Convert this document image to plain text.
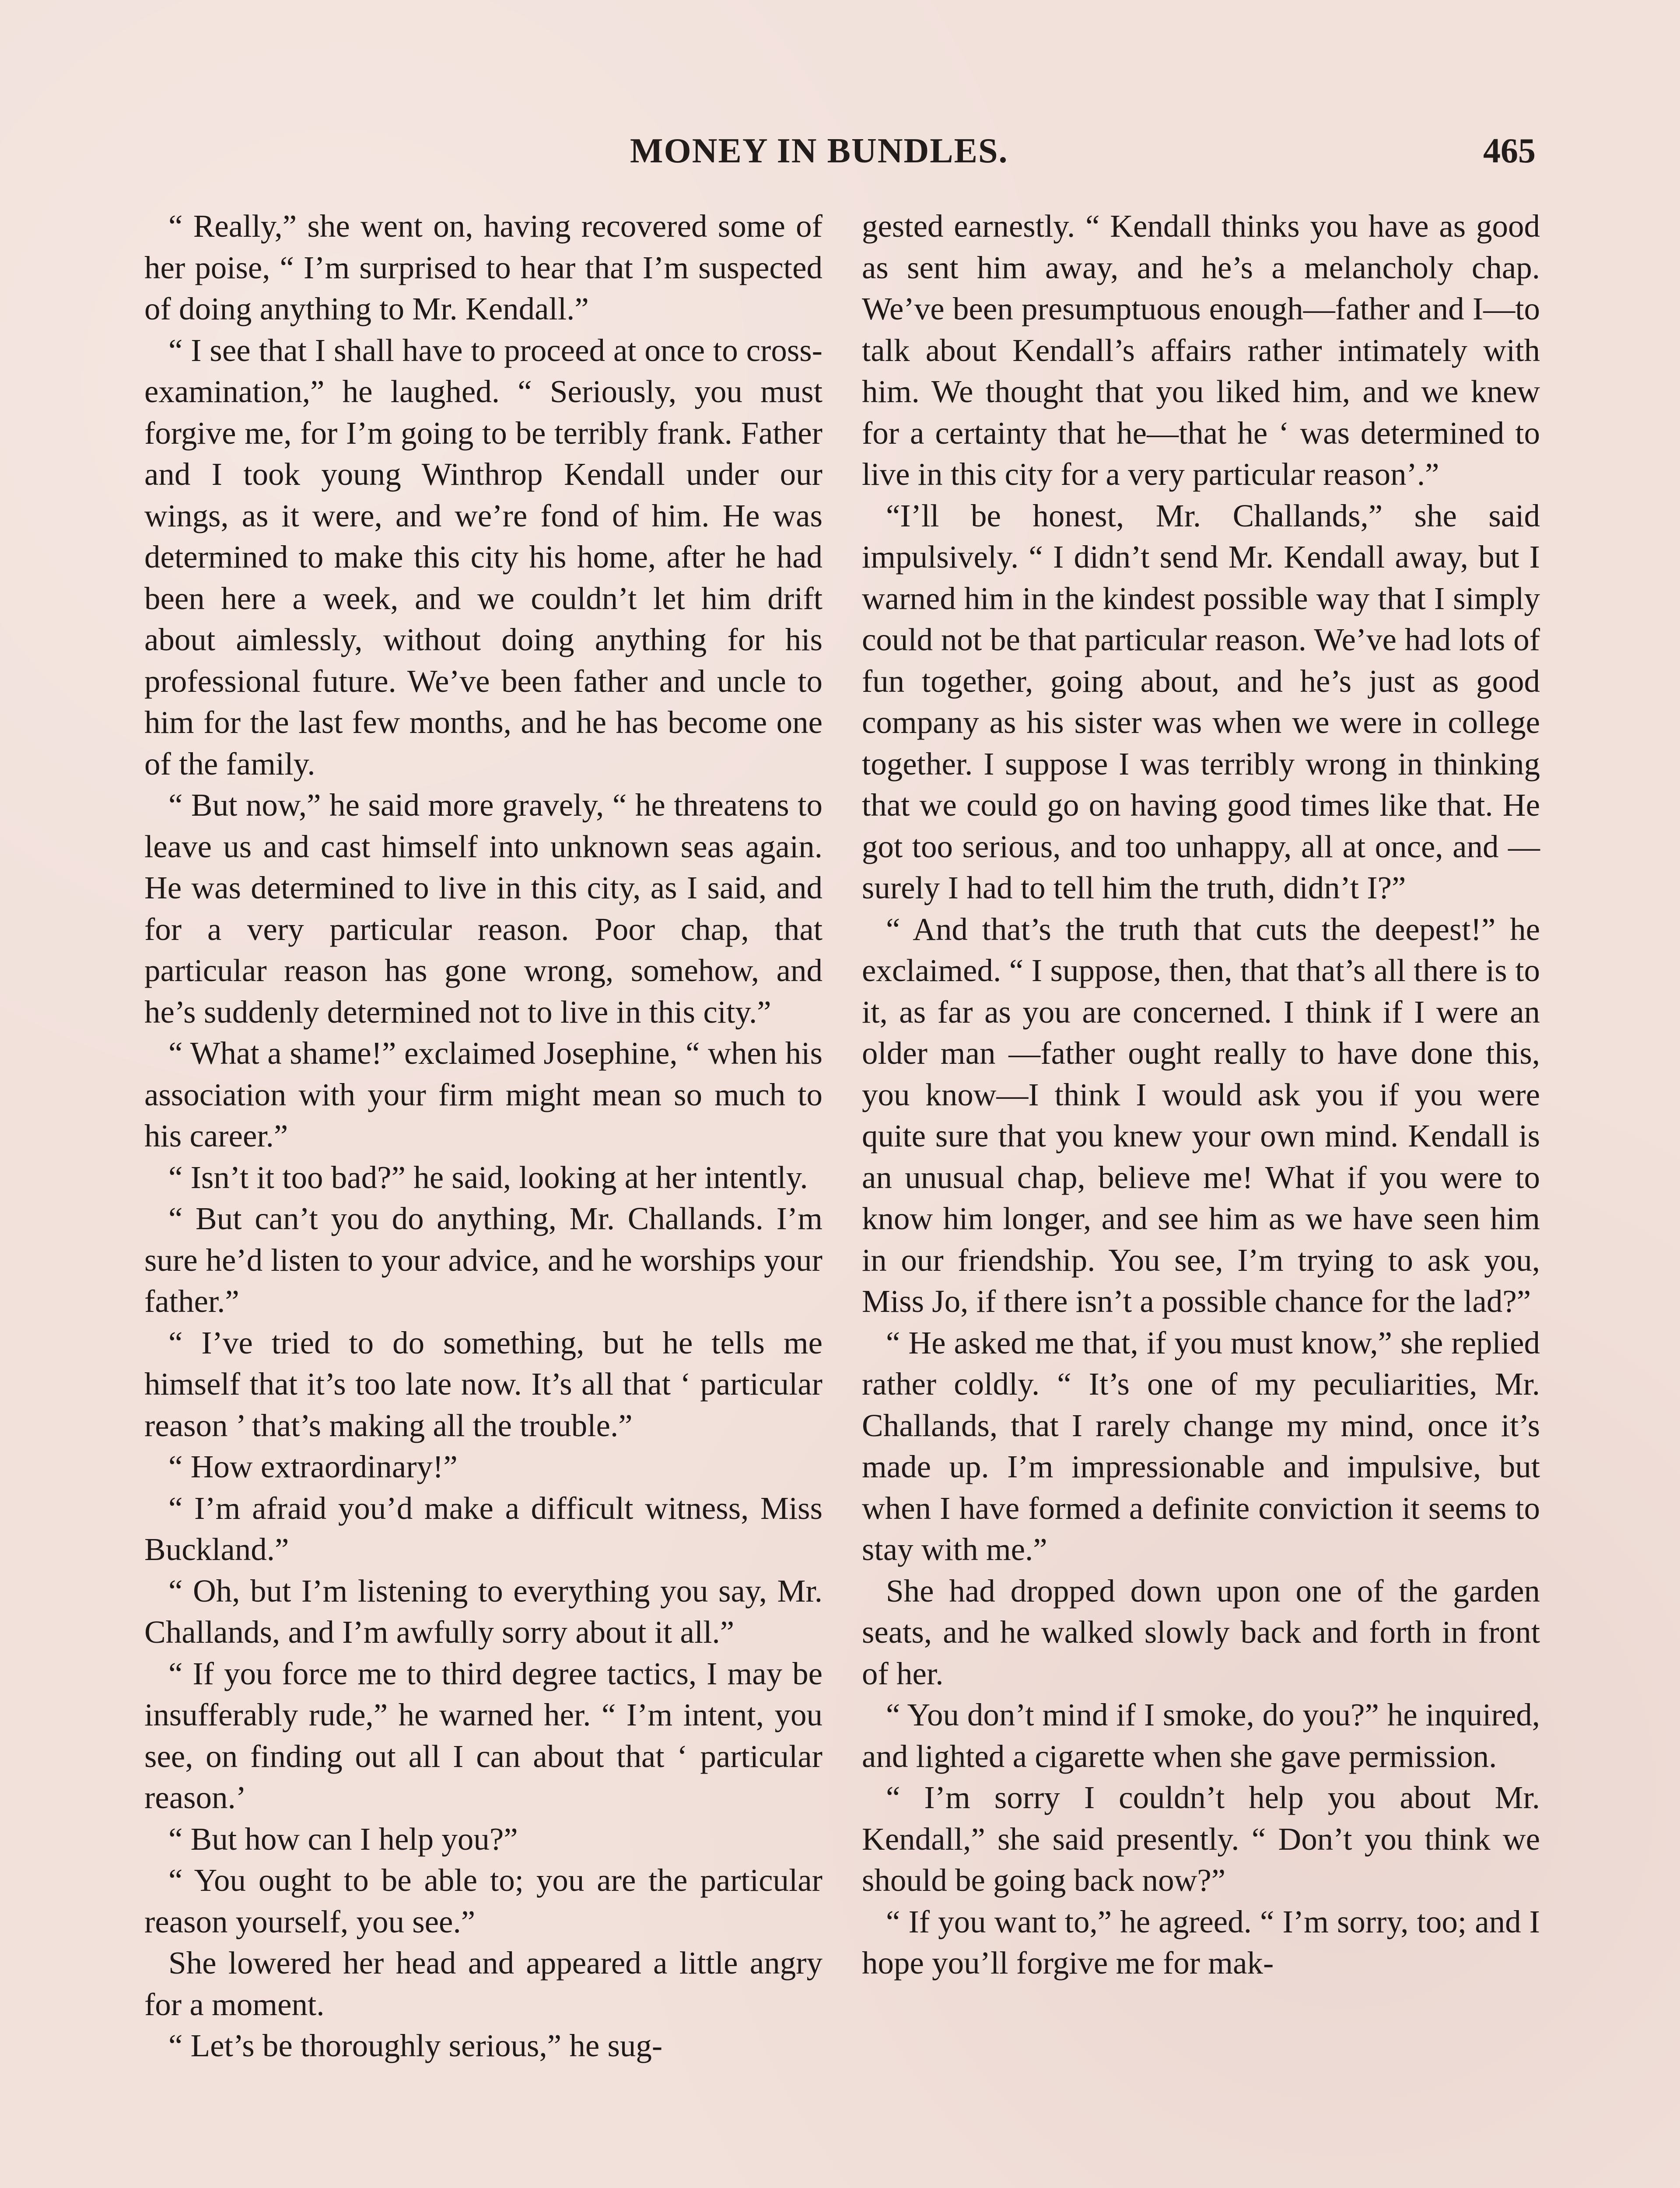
MONEY IN BUNDLES.	465

“ Really,” she went on, having recovered some of her poise, “ I’m surprised to hear that I’m suspected of doing anything to Mr. Kendall.”

“ I see that I shall have to proceed at once to cross-examination,” he laughed. “ Seriously, you must forgive me, for I’m going to be terribly frank. Father and I took young Winthrop Kendall under our wings, as it were, and we’re fond of him. He was determined to make this city his home, after he had been here a week, and we couldn’t let him drift about aimlessly, without doing anything for his professional future. We’ve been father and uncle to him for the last few months, and he has become one of the family.

“ But now,” he said more gravely, “ he threatens to leave us and cast himself into unknown seas again. He was determined to live in this city, as I said, and for a very particular reason. Poor chap, that particular reason has gone wrong, somehow, and he’s suddenly determined not to live in this city.”

“ What a shame!” exclaimed Josephine, “ when his association with your firm might mean so much to his career.”

“ Isn’t it too bad?” he said, looking at her intently.

“ But can’t you do anything, Mr. Challands. I’m sure he’d listen to your advice, and he worships your father.”

“ I’ve tried to do something, but he tells me himself that it’s too late now. It’s all that ‘ particular reason ’ that’s making all the trouble.”

“ How extraordinary!”

“ I’m afraid you’d make a difficult witness, Miss Buckland.”

“ Oh, but I’m listening to everything you say, Mr. Challands, and I’m awfully sorry about it all.”

“ If you force me to third degree tactics, I may be insufferably rude,” he warned her. “ I’m intent, you see, on finding out all I can about that ‘ particular reason.’

“ But how can I help you?”

“ You ought to be able to; you are the particular reason yourself, you see.”

She lowered her head and appeared a little angry for a moment.

“ Let’s be thoroughly serious,” he sug-

gested earnestly. “ Kendall thinks you have as good as sent him away, and he’s a melancholy chap. We’ve been presumptuous enough—father and I—to talk about Kendall’s affairs rather intimately with him. We thought that you liked him, and we knew for a certainty that he—that he ‘ was determined to live in this city for a very particular reason’.”

“I’ll be honest, Mr. Challands,” she said impulsively. “ I didn’t send Mr. Kendall away, but I warned him in the kindest possible way that I simply could not be that particular reason. We’ve had lots of fun together, going about, and he’s just as good company as his sister was when we were in college together. I suppose I was terribly wrong in thinking that we could go on having good times like that. He got too serious, and too unhappy, all at once, and —surely I had to tell him the truth, didn’t I?”

“ And that’s the truth that cuts the deepest!” he exclaimed. “ I suppose, then, that that’s all there is to it, as far as you are concerned. I think if I were an older man —father ought really to have done this, you know—I think I would ask you if you were quite sure that you knew your own mind. Kendall is an unusual chap, believe me! What if you were to know him longer, and see him as we have seen him in our friendship. You see, I’m trying to ask you, Miss Jo, if there isn’t a possible chance for the lad?”

“ He asked me that, if you must know,” she replied rather coldly. “ It’s one of my peculiarities, Mr. Challands, that I rarely change my mind, once it’s made up. I’m impressionable and impulsive, but when I have formed a definite conviction it seems to stay with me.”

She had dropped down upon one of the garden seats, and he walked slowly back and forth in front of her.

“ You don’t mind if I smoke, do you?” he inquired, and lighted a cigarette when she gave permission.

“ I’m sorry I couldn’t help you about Mr. Kendall,” she said presently. “ Don’t you think we should be going back now?”

“ If you want to,” he agreed. “ I’m sorry, too; and I hope you’ll forgive me for mak-
